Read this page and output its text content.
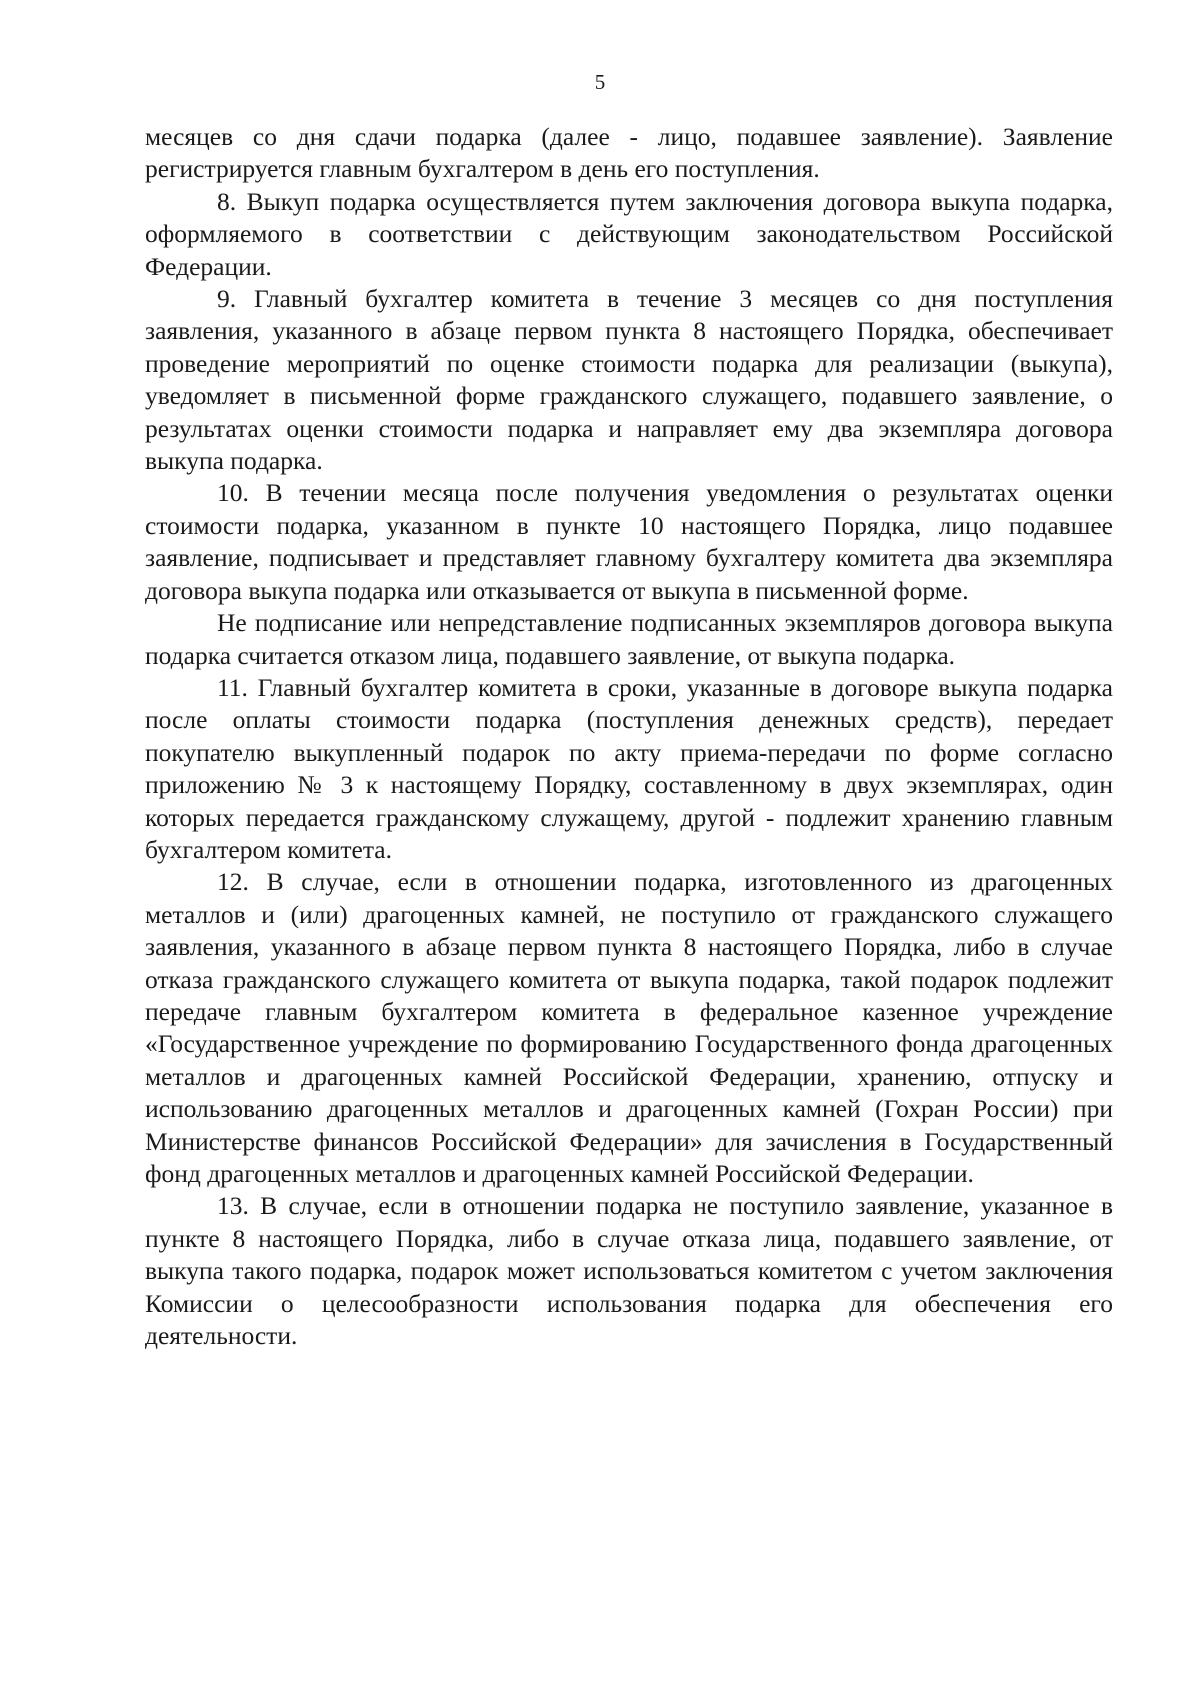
5

месяцев со дня сдачи подарка (далее - лицо, подавшее заявление). Заявление регистрируется главным бухгалтером в день его поступления.

8. Выкуп подарка осуществляется путем заключения договора выкупа подарка, оформляемого в соответствии с действующим законодательством Российской Федерации.

9. Главный бухгалтер комитета в течение 3 месяцев со дня поступления заявления, указанного в абзаце первом пункта 8 настоящего Порядка, обеспечивает проведение мероприятий по оценке стоимости подарка для реализации (выкупа), уведомляет в письменной форме гражданского служащего, подавшего заявление, о результатах оценки стоимости подарка и направляет ему два экземпляра договора выкупа подарка.

10. В течении месяца после получения уведомления о результатах оценки стоимости подарка, указанном в пункте 10 настоящего Порядка, лицо подавшее заявление, подписывает и представляет главному бухгалтеру комитета два экземпляра договора выкупа подарка или отказывается от выкупа в письменной форме.

Не подписание или непредставление подписанных экземпляров договора выкупа подарка считается отказом лица, подавшего заявление, от выкупа подарка.

11. Главный бухгалтер комитета в сроки, указанные в договоре выкупа подарка после оплаты стоимости подарка (поступления денежных средств), передает покупателю выкупленный подарок по акту приема-передачи по форме согласно приложению № 3 к настоящему Порядку, составленному в двух экземплярах, один которых передается гражданскому служащему, другой - подлежит хранению главным бухгалтером комитета.

12. В случае, если в отношении подарка, изготовленного из драгоценных металлов и (или) драгоценных камней, не поступило от гражданского служащего заявления, указанного в абзаце первом пункта 8 настоящего Порядка, либо в случае отказа гражданского служащего комитета от выкупа подарка, такой подарок подлежит передаче главным бухгалтером комитета в федеральное казенное учреждение «Государственное учреждение по формированию Государственного фонда драгоценных металлов и драгоценных камней Российской Федерации, хранению, отпуску и использованию драгоценных металлов и драгоценных камней (Гохран России) при Министерстве финансов Российской Федерации» для зачисления в Государственный фонд драгоценных металлов и драгоценных камней Российской Федерации.

13. В случае, если в отношении подарка не поступило заявление, указанное в пункте 8 настоящего Порядка, либо в случае отказа лица, подавшего заявление, от выкупа такого подарка, подарок может использоваться комитетом с учетом заключения Комиссии о целесообразности использования подарка для обеспечения его деятельности.
